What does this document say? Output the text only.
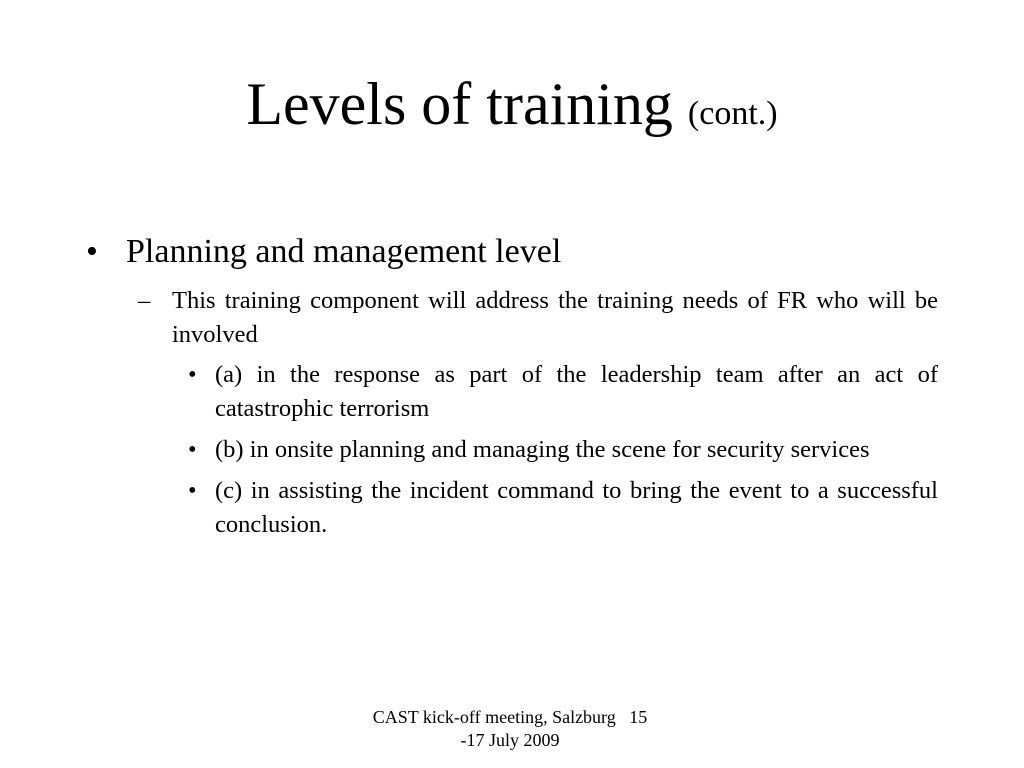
Levels of training (cont.)
• Planning and management level
– This training component will address the training needs of FR who will be involved
• (a) in the response as part of the leadership team after an act of catastrophic terrorism
• (b) in onsite planning and managing the scene for security services
• (c) in assisting the incident command to bring the event to a successful conclusion.
CAST kick-off meeting, Salzburg   15
-17 July 2009
